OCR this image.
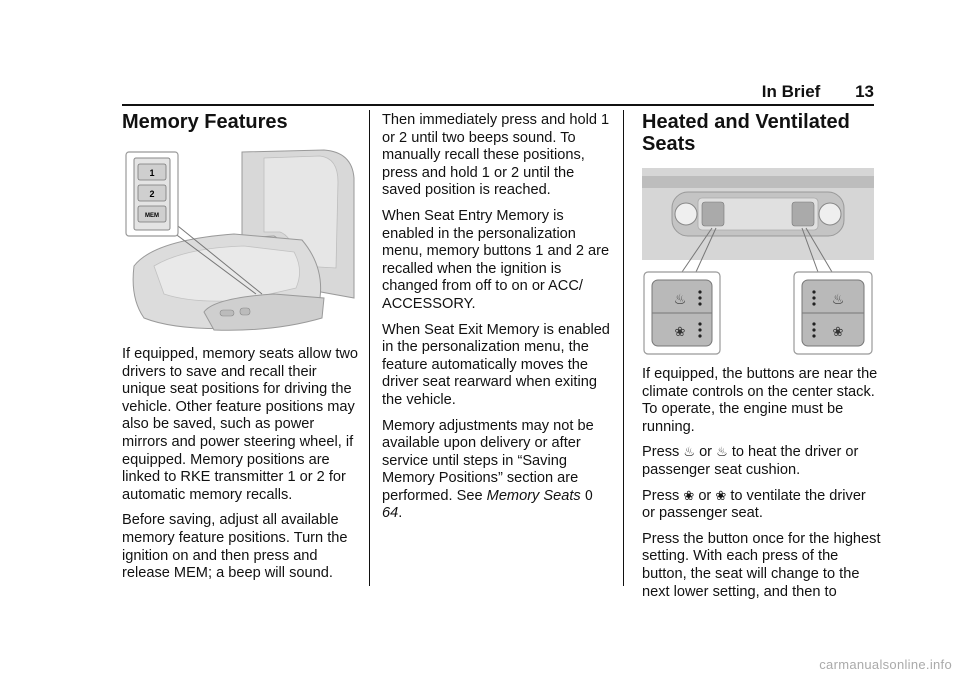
In Brief 13
Memory Features
1
2
MEM

If equipped, memory seats allow two drivers to save and recall their unique seat positions for driving the vehicle. Other feature positions may also be saved, such as power mirrors and power steering wheel, if equipped. Memory positions are linked to RKE transmitter 1 or 2 for automatic memory recalls.

Before saving, adjust all available memory feature positions. Turn the ignition on and then press and release MEM; a beep will sound.

Then immediately press and hold 1 or 2 until two beeps sound. To manually recall these positions, press and hold 1 or 2 until the saved position is reached.

When Seat Entry Memory is enabled in the personalization menu, memory buttons 1 and 2 are recalled when the ignition is changed from off to on or ACC/ ACCESSORY.

When Seat Exit Memory is enabled in the personalization menu, the feature automatically moves the driver seat rearward when exiting the vehicle.

Memory adjustments may not be available upon delivery or after service until steps in “Saving Memory Positions” section are performed. See Memory Seats 0 64.

Heated and Ventilated
Seats
♨
❀
♨
❀

If equipped, the buttons are near the climate controls on the center stack. To operate, the engine must be running.

Press ♨ or ♨ to heat the driver or passenger seat cushion.

Press ❀ or ❀ to ventilate the driver or passenger seat.

Press the button once for the highest setting. With each press of the button, the seat will change to the next lower setting, and then to

carmanualsonline.info
